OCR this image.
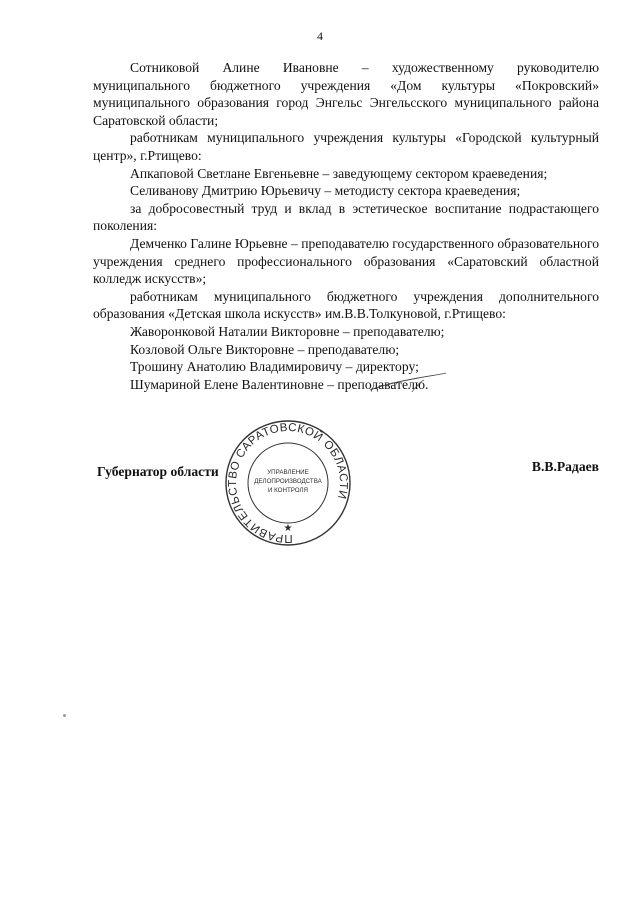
4

Сотниковой Алине Ивановне – художественному руководителю муниципального бюджетного учреждения «Дом культуры «Покровский» муниципального образования город Энгельс Энгельсского муниципального района Саратовской области;

работникам муниципального учреждения культуры «Городской культурный центр», г.Ртищево:

Апкаповой Светлане Евгеньевне – заведующему сектором краеведения;

Селиванову Дмитрию Юрьевичу – методисту сектора краеведения;

за добросовестный труд и вклад в эстетическое воспитание подрастающего поколения:

Демченко Галине Юрьевне – преподавателю государственного образовательного учреждения среднего профессионального образования «Саратовский областной колледж искусств»;

работникам муниципального бюджетного учреждения дополнительного образования «Детская школа искусств» им.В.В.Толкуновой, г.Ртищево:

Жаворонковой Наталии Викторовне – преподавателю;

Козловой Ольге Викторовне – преподавателю;

Трошину Анатолию Владимировичу – директору;

Шумариной Елене Валентиновне – преподавателю.

Губернатор области	В.В.Радаев
ПРАВИТЕЛЬСТВО САРАТОВСКОЙ ОБЛАСТИ
★
УПРАВЛЕНИЕ
ДЕЛОПРОИЗВОДСТВА
И КОНТРОЛЯ
